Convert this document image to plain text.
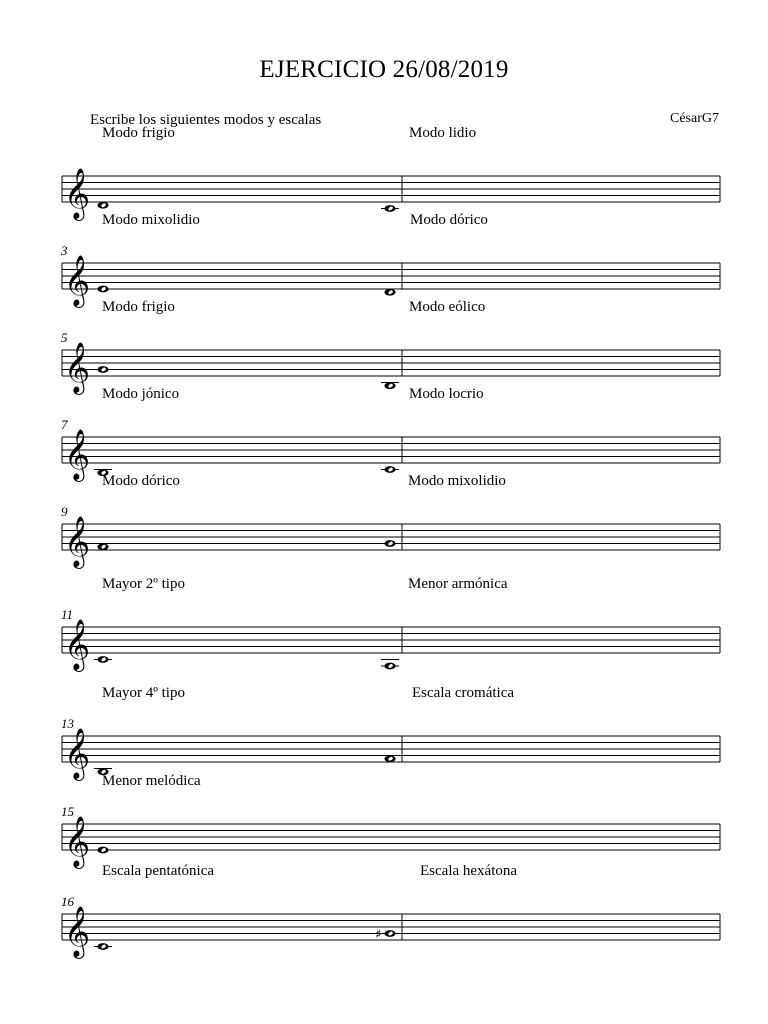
EJERCICIO 26/08/2019
Escribe los siguientes modos y escalas	CésarG7
Modo frigio	Modo lidio
𝄞
3
Modo mixolidio	Modo dórico
𝄞
5
Modo frigio	Modo eólico
𝄞
7
Modo jónico	Modo locrio
𝄞
9
Modo dórico	Modo mixolidio
𝄞
11
Mayor 2º tipo	Menor armónica
𝄞
13
Mayor 4º tipo	Escala cromática
𝄞
15
Menor melódica
𝄞
16
Escala pentatónica	Escala hexátona
𝄞	♯
